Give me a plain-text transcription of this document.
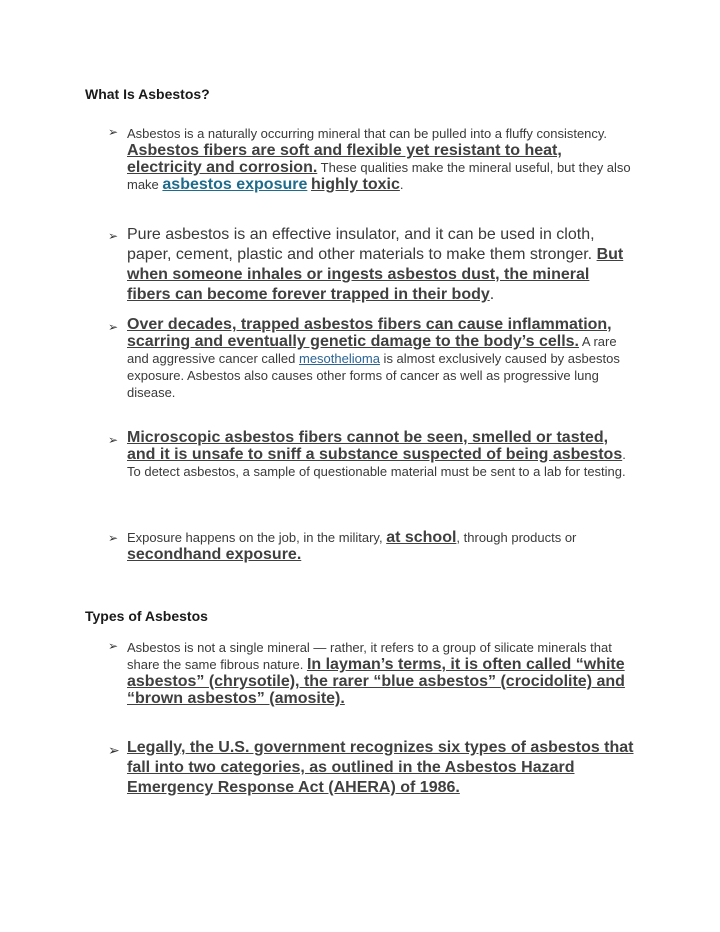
What Is Asbestos?
➢ Asbestos is a naturally occurring mineral that can be pulled into a fluffy consistency. Asbestos fibers are soft and flexible yet resistant to heat, electricity and corrosion. These qualities make the mineral useful, but they also make asbestos exposure highly toxic.
➢ Pure asbestos is an effective insulator, and it can be used in cloth, paper, cement, plastic and other materials to make them stronger. But when someone inhales or ingests asbestos dust, the mineral fibers can become forever trapped in their body.
➢ Over decades, trapped asbestos fibers can cause inflammation, scarring and eventually genetic damage to the body’s cells. A rare and aggressive cancer called mesothelioma is almost exclusively caused by asbestos exposure. Asbestos also causes other forms of cancer as well as progressive lung disease.
➢ Microscopic asbestos fibers cannot be seen, smelled or tasted, and it is unsafe to sniff a substance suspected of being asbestos. To detect asbestos, a sample of questionable material must be sent to a lab for testing.
➢ Exposure happens on the job, in the military, at school, through products or secondhand exposure.
Types of Asbestos
➢ Asbestos is not a single mineral — rather, it refers to a group of silicate minerals that share the same fibrous nature. In layman’s terms, it is often called “white asbestos” (chrysotile), the rarer “blue asbestos” (crocidolite) and “brown asbestos” (amosite).
➢ Legally, the U.S. government recognizes six types of asbestos that fall into two categories, as outlined in the Asbestos Hazard Emergency Response Act (AHERA) of 1986.
